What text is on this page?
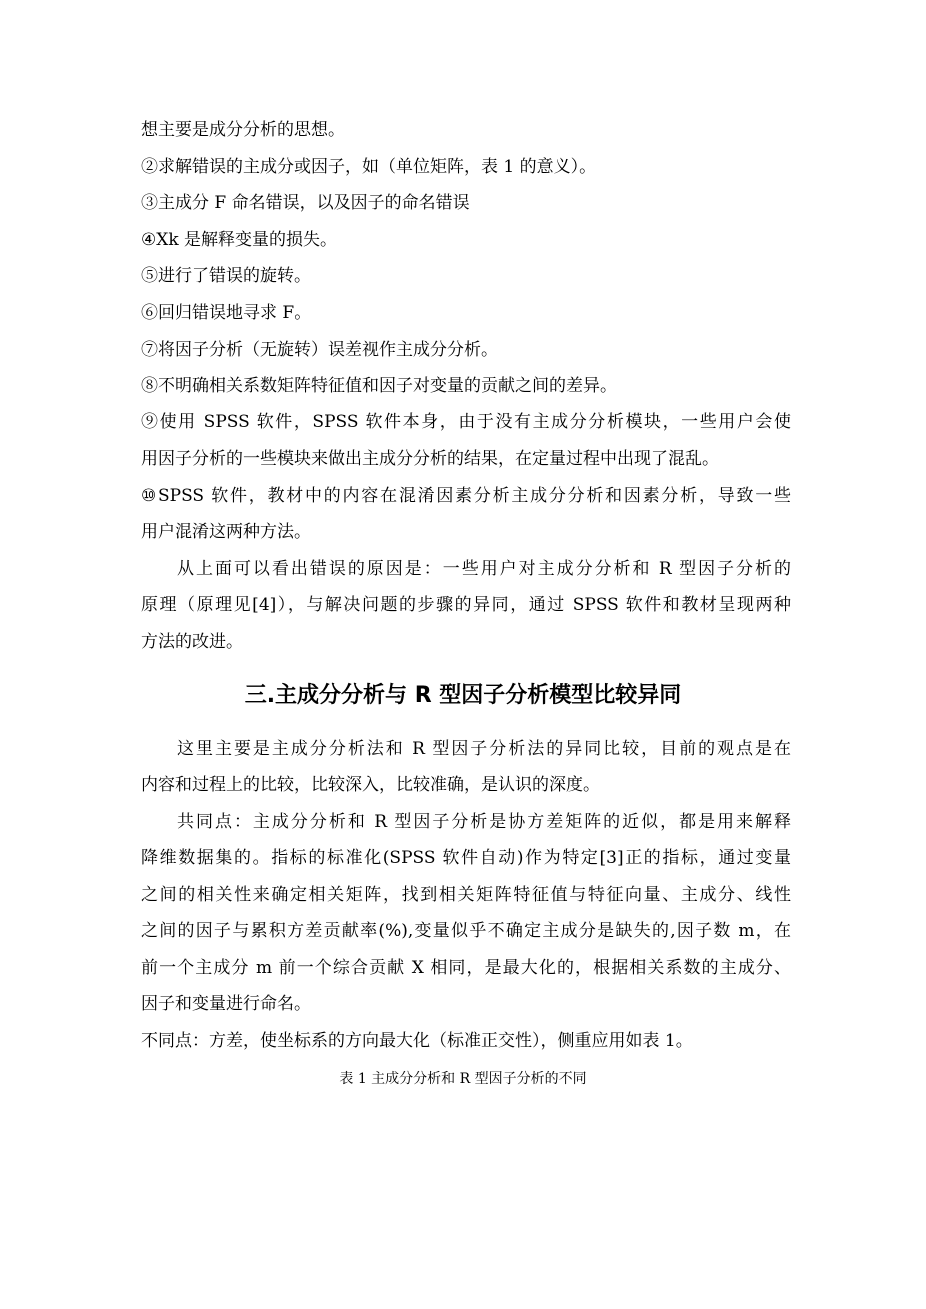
想主要是成分分析的思想。
②求解错误的主成分或因子，如（单位矩阵，表 1 的意义）。
③主成分 F 命名错误，以及因子的命名错误
④Xk 是解释变量的损失。
⑤进行了错误的旋转。
⑥回归错误地寻求 F。
⑦将因子分析（无旋转）误差视作主成分分析。
⑧不明确相关系数矩阵特征值和因子对变量的贡献之间的差异。
⑨使用 SPSS 软件，SPSS 软件本身，由于没有主成分分析模块，一些用户会使
用因子分析的一些模块来做出主成分分析的结果，在定量过程中出现了混乱。
⑩SPSS 软件，教材中的内容在混淆因素分析主成分分析和因素分析，导致一些
用户混淆这两种方法。
从上面可以看出错误的原因是：一些用户对主成分分析和 R 型因子分析的
原理（原理见[4]），与解决问题的步骤的异同，通过 SPSS 软件和教材呈现两种
方法的改进。
三.主成分分析与 R 型因子分析模型比较异同
这里主要是主成分分析法和 R 型因子分析法的异同比较，目前的观点是在
内容和过程上的比较，比较深入，比较准确，是认识的深度。
共同点：主成分分析和 R 型因子分析是协方差矩阵的近似，都是用来解释
降维数据集的。指标的标准化(SPSS 软件自动)作为特定[3]正的指标，通过变量
之间的相关性来确定相关矩阵，找到相关矩阵特征值与特征向量、主成分、线性
之间的因子与累积方差贡献率(%),变量似乎不确定主成分是缺失的,因子数 m，在
前一个主成分 m 前一个综合贡献 X 相同，是最大化的，根据相关系数的主成分、
因子和变量进行命名。
不同点：方差，使坐标系的方向最大化（标准正交性），侧重应用如表 1。
表 1 主成分分析和 R 型因子分析的不同
